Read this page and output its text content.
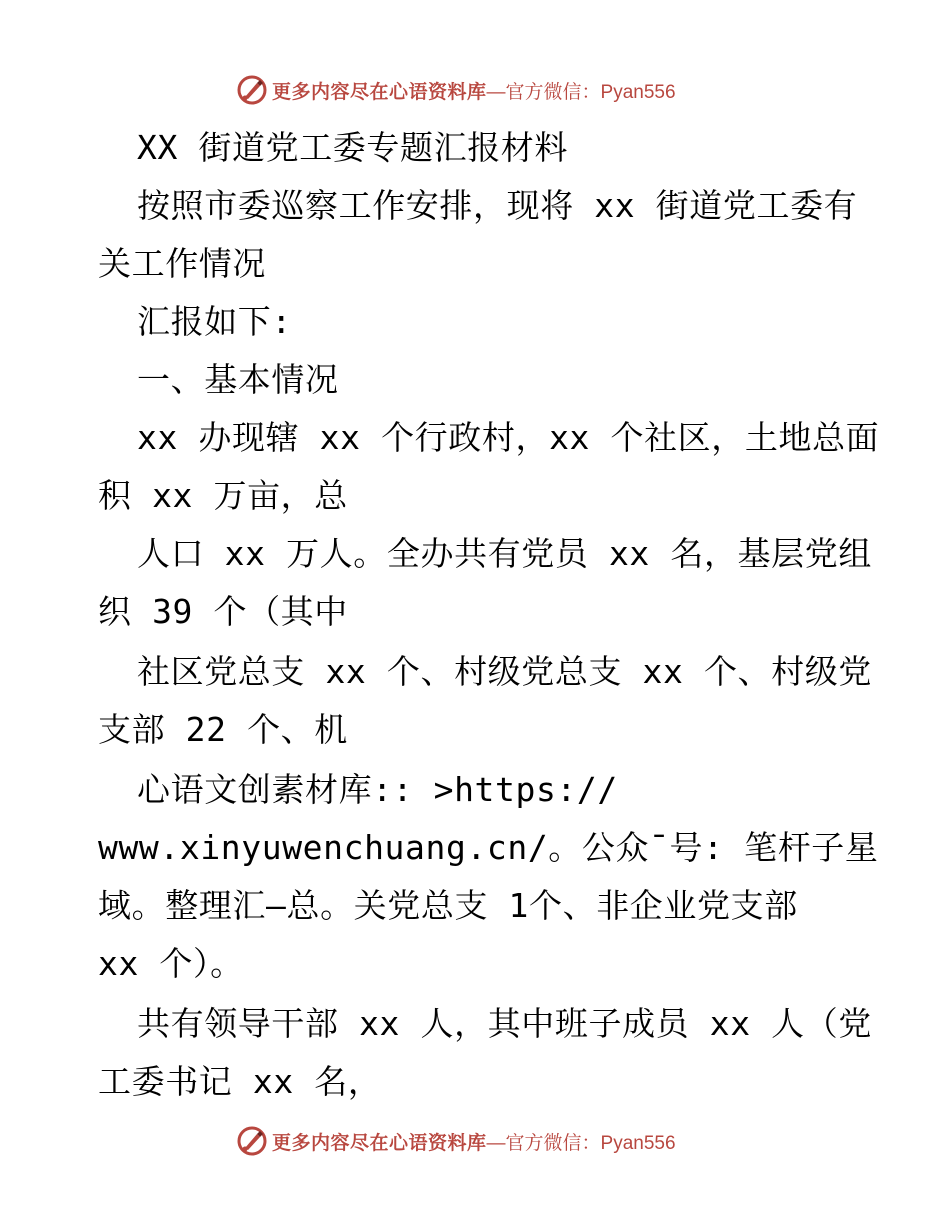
更多内容尽在心语资料库 —官方微信：Pyan556
XX 街道党工委专题汇报材料
按照市委巡察工作安排，现将 xx 街道党工委有
关工作情况
汇报如下:
一、基本情况
xx 办现辖 xx 个行政村，xx 个社区，土地总面
积 xx 万亩，总
人口 xx 万人。全办共有党员 xx 名，基层党组
织 39 个（其中
社区党总支 xx 个、村级党总支 xx 个、村级党
支部 22 个、机
心语文创素材库:: >https://
www.xinyuwenchuang.cn/。公众¯号: 笔杆子星
域。整理汇—总。关党总支 1个、非企业党支部
xx 个）。
共有领导干部 xx 人，其中班子成员 xx 人（党
工委书记 xx 名，
更多内容尽在心语资料库 —官方微信：Pyan556
